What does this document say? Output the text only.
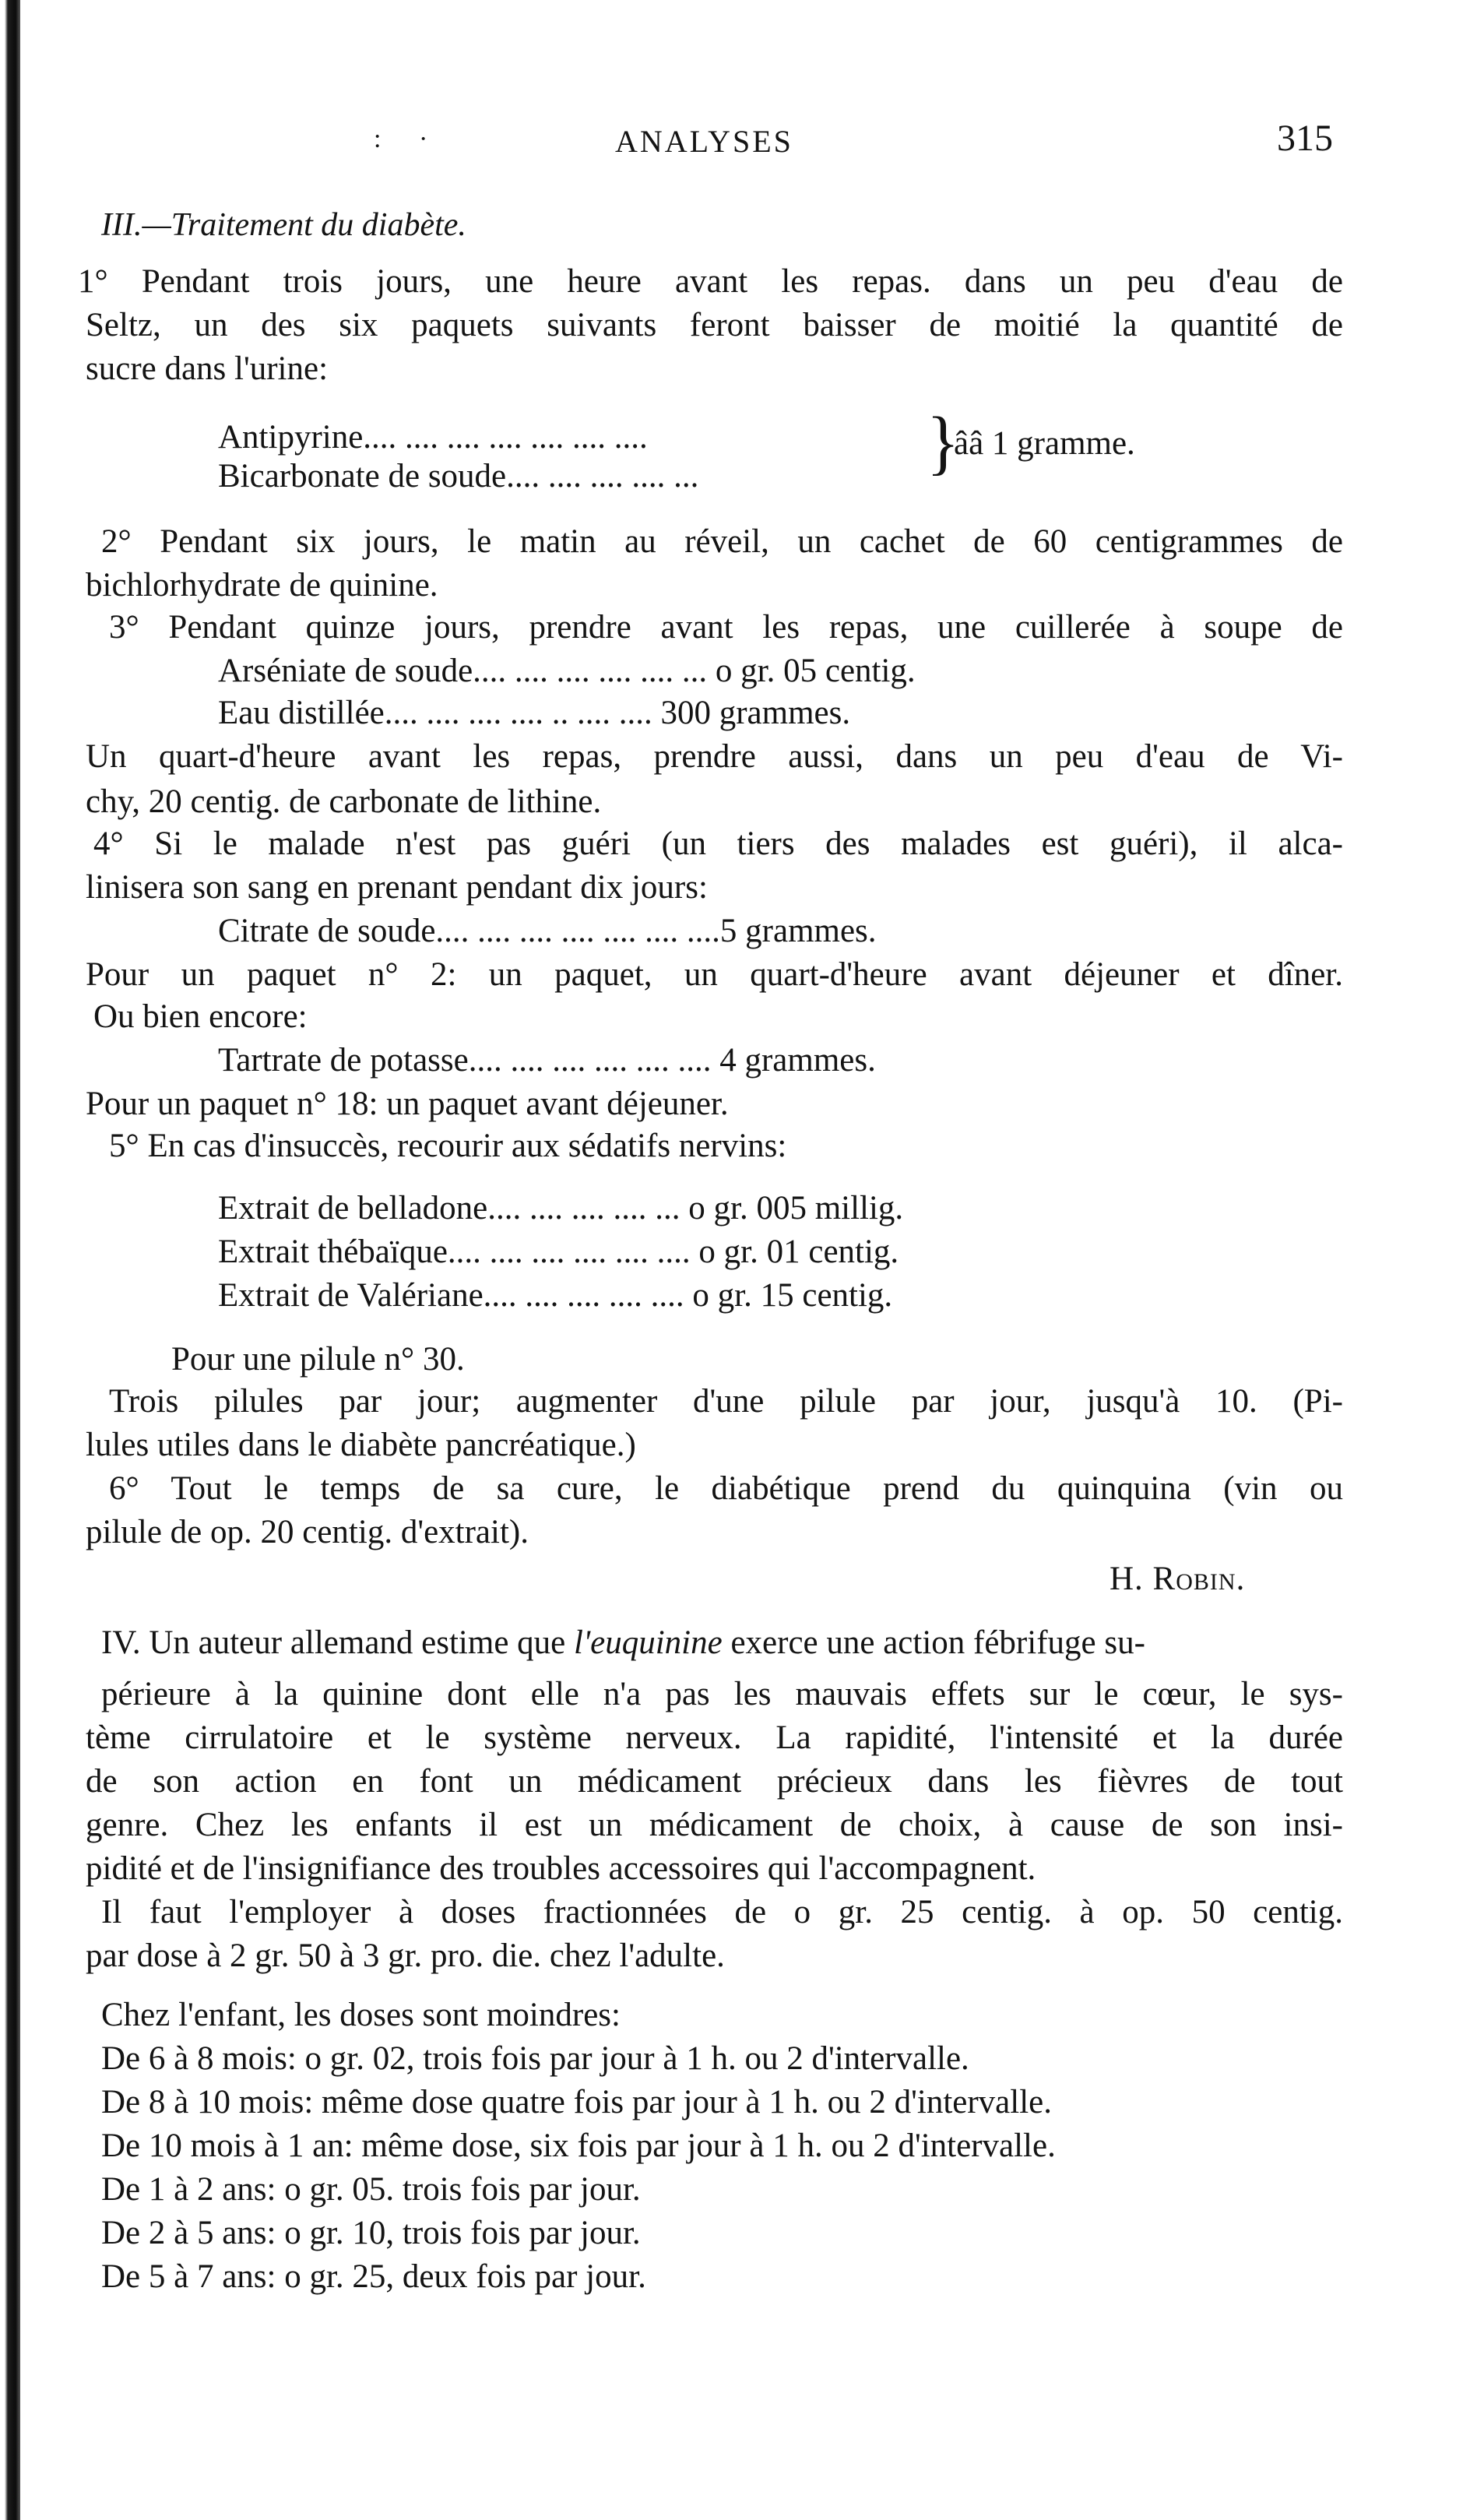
: ·	ANALYSES	315
III.—Traitement du diabète.
1° Pendant trois jours, une heure avant les repas. dans un peu d'eau de
Seltz, un des six paquets suivants feront baisser de moitié la quantité de
sucre dans l'urine:
Antipyrine.... .... .... .... .... .... ....
Bicarbonate de soude.... .... .... .... ...	}
ââ 1 gramme.
2° Pendant six jours, le matin au réveil, un cachet de 60 centigrammes de
bichlorhydrate de quinine.
3° Pendant quinze jours, prendre avant les repas, une cuillerée à soupe de
Arséniate de soude.... .... .... .... .... ... o gr. 05 centig.
Eau distillée.... .... .... .... .. .... .... 300 grammes.
Un quart-d'heure avant les repas, prendre aussi, dans un peu d'eau de Vi-
chy, 20 centig. de carbonate de lithine.
4° Si le malade n'est pas guéri (un tiers des malades est guéri), il alca-
linisera son sang en prenant pendant dix jours:
Citrate de soude.... .... .... .... .... .... ....5 grammes.
Pour un paquet n° 2: un paquet, un quart-d'heure avant déjeuner et dîner.
Ou bien encore:
Tartrate de potasse.... .... .... .... .... .... 4 grammes.
Pour un paquet n° 18: un paquet avant déjeuner.
5° En cas d'insuccès, recourir aux sédatifs nervins:
Extrait de belladone.... .... .... .... ... o gr. 005 millig.
Extrait thébaïque.... .... .... .... .... .... o gr. 01 centig.
Extrait de Valériane.... .... .... .... .... o gr. 15 centig.
Pour une pilule n° 30.
Trois pilules par jour; augmenter d'une pilule par jour, jusqu'à 10. (Pi-
lules utiles dans le diabète pancréatique.)
6° Tout le temps de sa cure, le diabétique prend du quinquina (vin ou
pilule de op. 20 centig. d'extrait).
H. Robin.
IV. Un auteur allemand estime que l'euquinine exerce une action fébrifuge su-
périeure à la quinine dont elle n'a pas les mauvais effets sur le cœur, le sys-
tème cirrulatoire et le système nerveux. La rapidité, l'intensité et la durée
de son action en font un médicament précieux dans les fièvres de tout
genre. Chez les enfants il est un médicament de choix, à cause de son insi-
pidité et de l'insignifiance des troubles accessoires qui l'accompagnent.
Il faut l'employer à doses fractionnées de o gr. 25 centig. à op. 50 centig.
par dose à 2 gr. 50 à 3 gr. pro. die. chez l'adulte.
Chez l'enfant, les doses sont moindres:
De 6 à 8 mois: o gr. 02, trois fois par jour à 1 h. ou 2 d'intervalle.
De 8 à 10 mois: même dose quatre fois par jour à 1 h. ou 2 d'intervalle.
De 10 mois à 1 an: même dose, six fois par jour à 1 h. ou 2 d'intervalle.
De 1 à 2 ans: o gr. 05. trois fois par jour.
De 2 à 5 ans: o gr. 10, trois fois par jour.
De 5 à 7 ans: o gr. 25, deux fois par jour.
